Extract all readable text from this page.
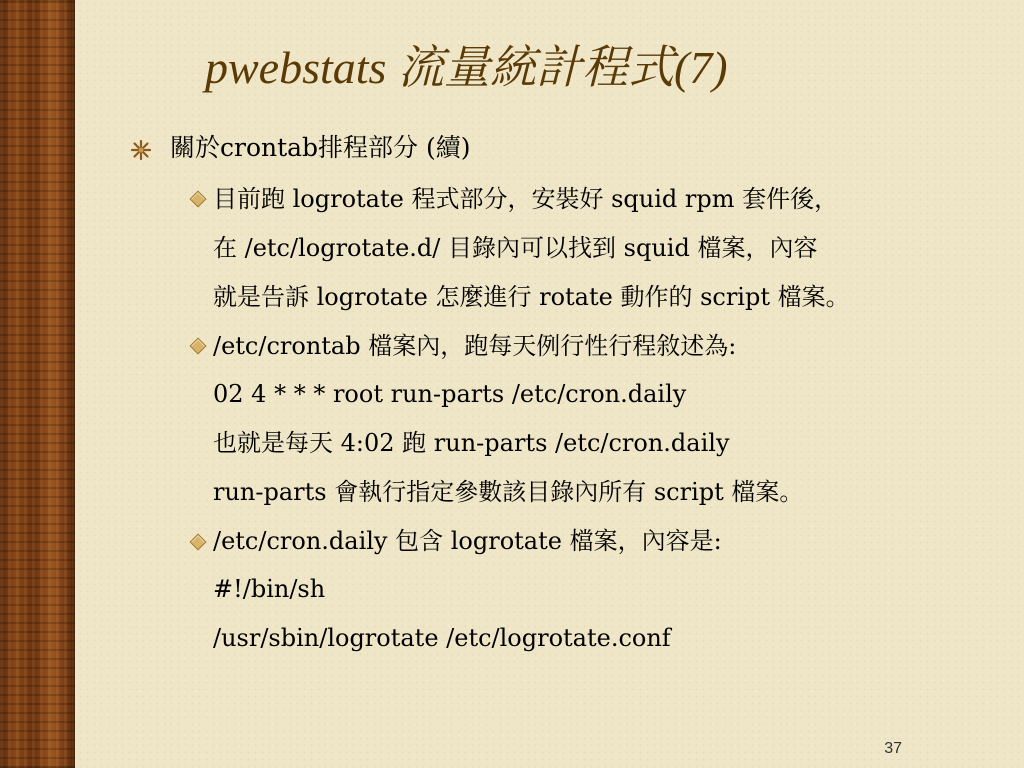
pwebstats 流量統計程式(7)
關於crontab排程部分 (續)
目前跑 logrotate 程式部分，安裝好 squid rpm 套件後，
在 /etc/logrotate.d/ 目錄內可以找到 squid 檔案，內容
就是告訴 logrotate 怎麼進行 rotate 動作的 script 檔案。
/etc/crontab 檔案內，跑每天例行性行程敘述為:
02 4 * * * root run-parts /etc/cron.daily
也就是每天 4:02 跑 run-parts /etc/cron.daily
run-parts 會執行指定參數該目錄內所有 script 檔案。
/etc/cron.daily 包含 logrotate 檔案，內容是:
#!/bin/sh
/usr/sbin/logrotate /etc/logrotate.conf
37
